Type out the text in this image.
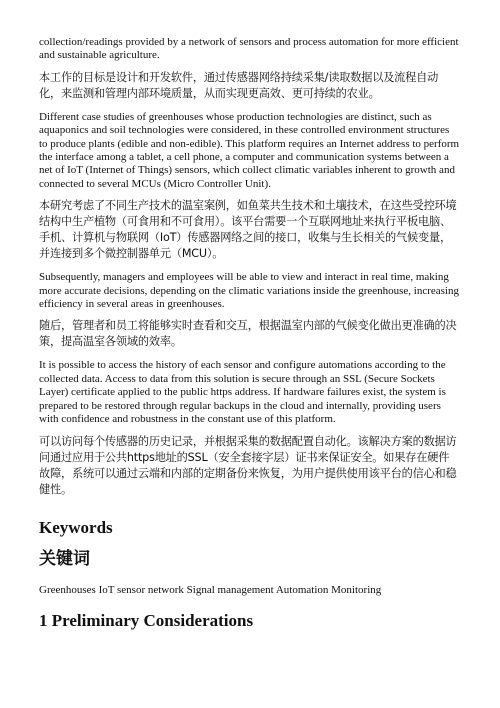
collection/readings provided by a network of sensors and process automation for more efficient and sustainable agriculture.

本工作的目标是设计和开发软件，通过传感器网络持续采集/读取数据以及流程自动化，来监测和管理内部环境质量，从而实现更高效、更可持续的农业。

Different case studies of greenhouses whose production technologies are distinct, such as aquaponics and soil technologies were considered, in these controlled environment structures to produce plants (edible and non-edible). This platform requires an Internet address to perform the interface among a tablet, a cell phone, a computer and communication systems between a net of IoT (Internet of Things) sensors, which collect climatic variables inherent to growth and connected to several MCUs (Micro Controller Unit).

本研究考虑了不同生产技术的温室案例，如鱼菜共生技术和土壤技术，在这些受控环境结构中生产植物（可食用和不可食用）。该平台需要一个互联网地址来执行平板电脑、手机、计算机与物联网（IoT）传感器网络之间的接口，收集与生长相关的气候变量，并连接到多个微控制器单元（MCU）。

Subsequently, managers and employees will be able to view and interact in real time, making more accurate decisions, depending on the climatic variations inside the greenhouse, increasing efficiency in several areas in greenhouses.

随后，管理者和员工将能够实时查看和交互，根据温室内部的气候变化做出更准确的决策，提高温室各领域的效率。

It is possible to access the history of each sensor and configure automations according to the collected data. Access to data from this solution is secure through an SSL (Secure Sockets Layer) certificate applied to the public https address. If hardware failures exist, the system is prepared to be restored through regular backups in the cloud and internally, providing users with confidence and robustness in the constant use of this platform.

可以访问每个传感器的历史记录，并根据采集的数据配置自动化。该解决方案的数据访问通过应用于公共https地址的SSL（安全套接字层）证书来保证安全。如果存在硬件故障，系统可以通过云端和内部的定期备份来恢复，为用户提供使用该平台的信心和稳健性。

Keywords
关键词

Greenhouses IoT sensor network Signal management Automation Monitoring

1 Preliminary Considerations
